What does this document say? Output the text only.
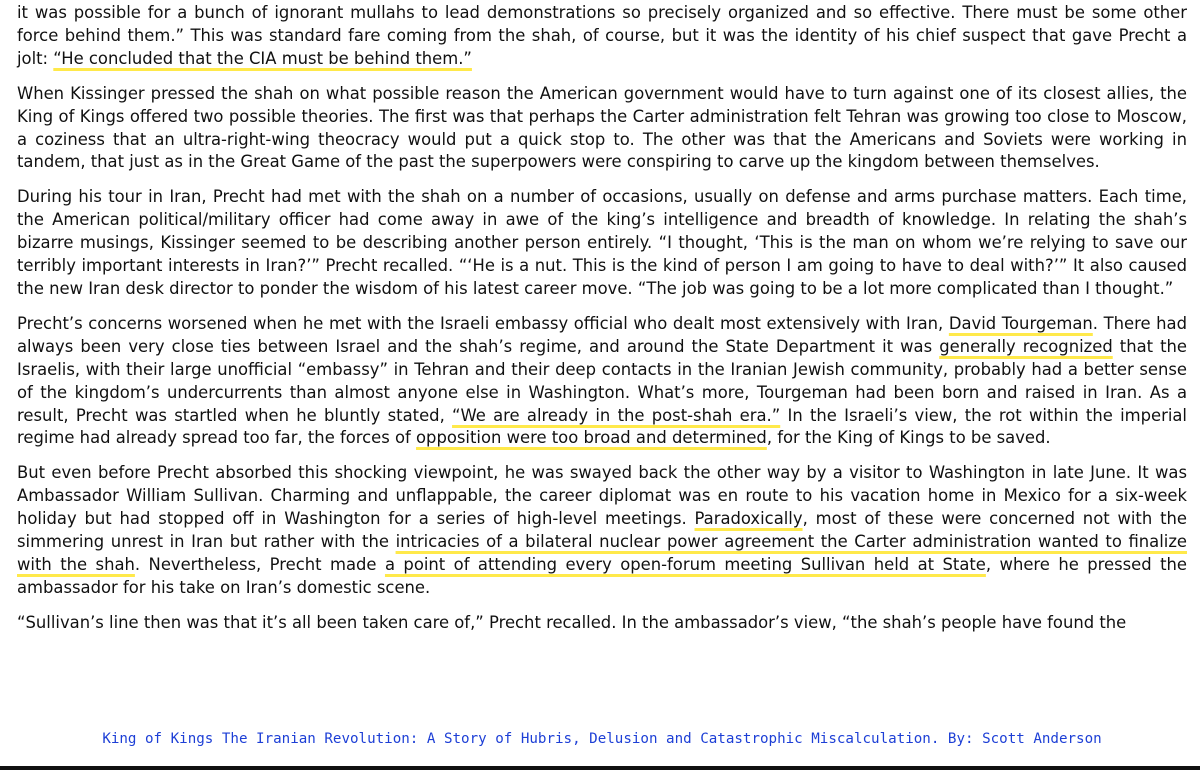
it was possible for a bunch of ignorant mullahs to lead demonstrations so precisely organized and so effective. There must be some other force behind them.” This was standard fare coming from the shah, of course, but it was the identity of his chief suspect that gave Precht a jolt: “He concluded that the CIA must be behind them.”

When Kissinger pressed the shah on what possible reason the American government would have to turn against one of its closest allies, the King of Kings offered two possible theories. The first was that perhaps the Carter administration felt Tehran was growing too close to Moscow, a coziness that an ultra-right-wing theocracy would put a quick stop to. The other was that the Americans and Soviets were working in tandem, that just as in the Great Game of the past the superpowers were conspiring to carve up the kingdom between themselves.

During his tour in Iran, Precht had met with the shah on a number of occasions, usually on defense and arms purchase matters. Each time, the American political/military officer had come away in awe of the king’s intelligence and breadth of knowledge. In relating the shah’s bizarre musings, Kissinger seemed to be describing another person entirely. “I thought, ‘This is the man on whom we’re relying to save our terribly important interests in Iran?’” Precht recalled. “‘He is a nut. This is the kind of person I am going to have to deal with?’” It also caused the new Iran desk director to ponder the wisdom of his latest career move. “The job was going to be a lot more complicated than I thought.”

Precht’s concerns worsened when he met with the Israeli embassy official who dealt most extensively with Iran, David Tourgeman. There had always been very close ties between Israel and the shah’s regime, and around the State Department it was generally recognized that the Israelis, with their large unofficial “embassy” in Tehran and their deep contacts in the Iranian Jewish community, probably had a better sense of the kingdom’s undercurrents than almost anyone else in Washington. What’s more, Tourgeman had been born and raised in Iran. As a result, Precht was startled when he bluntly stated, “We are already in the post-shah era.” In the Israeli’s view, the rot within the imperial regime had already spread too far, the forces of opposition were too broad and determined, for the King of Kings to be saved.

But even before Precht absorbed this shocking viewpoint, he was swayed back the other way by a visitor to Washington in late June. It was Ambassador William Sullivan. Charming and unflappable, the career diplomat was en route to his vacation home in Mexico for a six-week holiday but had stopped off in Washington for a series of high-level meetings. Paradoxically, most of these were concerned not with the simmering unrest in Iran but rather with the intricacies of a bilateral nuclear power agreement the Carter administration wanted to finalize with the shah. Nevertheless, Precht made a point of attending every open-forum meeting Sullivan held at State, where he pressed the ambassador for his take on Iran’s domestic scene.

“Sullivan’s line then was that it’s all been taken care of,” Precht recalled. In the ambassador’s view, “the shah’s people have found the

King of Kings The Iranian Revolution: A Story of Hubris, Delusion and Catastrophic Miscalculation. By: Scott Anderson
